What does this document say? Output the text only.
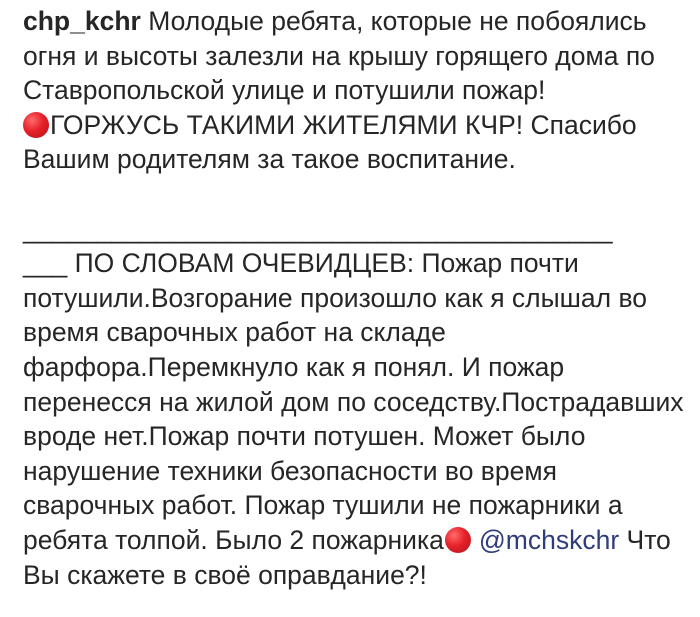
chp_kchr Молодые ребята, которые не побоялись огня и высоты залезли на крышу горящего дома по Ставропольской улице и потушили пожар!
ГОРЖУСЬ ТАКИМИ ЖИТЕЛЯМИ КЧР! Спасибо Вашим родителям за такое воспитание.

________________________________________
___ ПО СЛОВАМ ОЧЕВИДЦЕВ: Пожар почти потушили.Возгорание произошло как я слышал во время сварочных работ на складе фарфора.Перемкнуло как я понял. И пожар перенесся на жилой дом по соседству.Пострадавших вроде нет.Пожар почти потушен. Может было нарушение техники безопасности во время сварочных работ. Пожар тушили не пожарники а ребята толпой. Было 2 пожарника @mchskchr Что Вы скажете в своё оправдание?!
